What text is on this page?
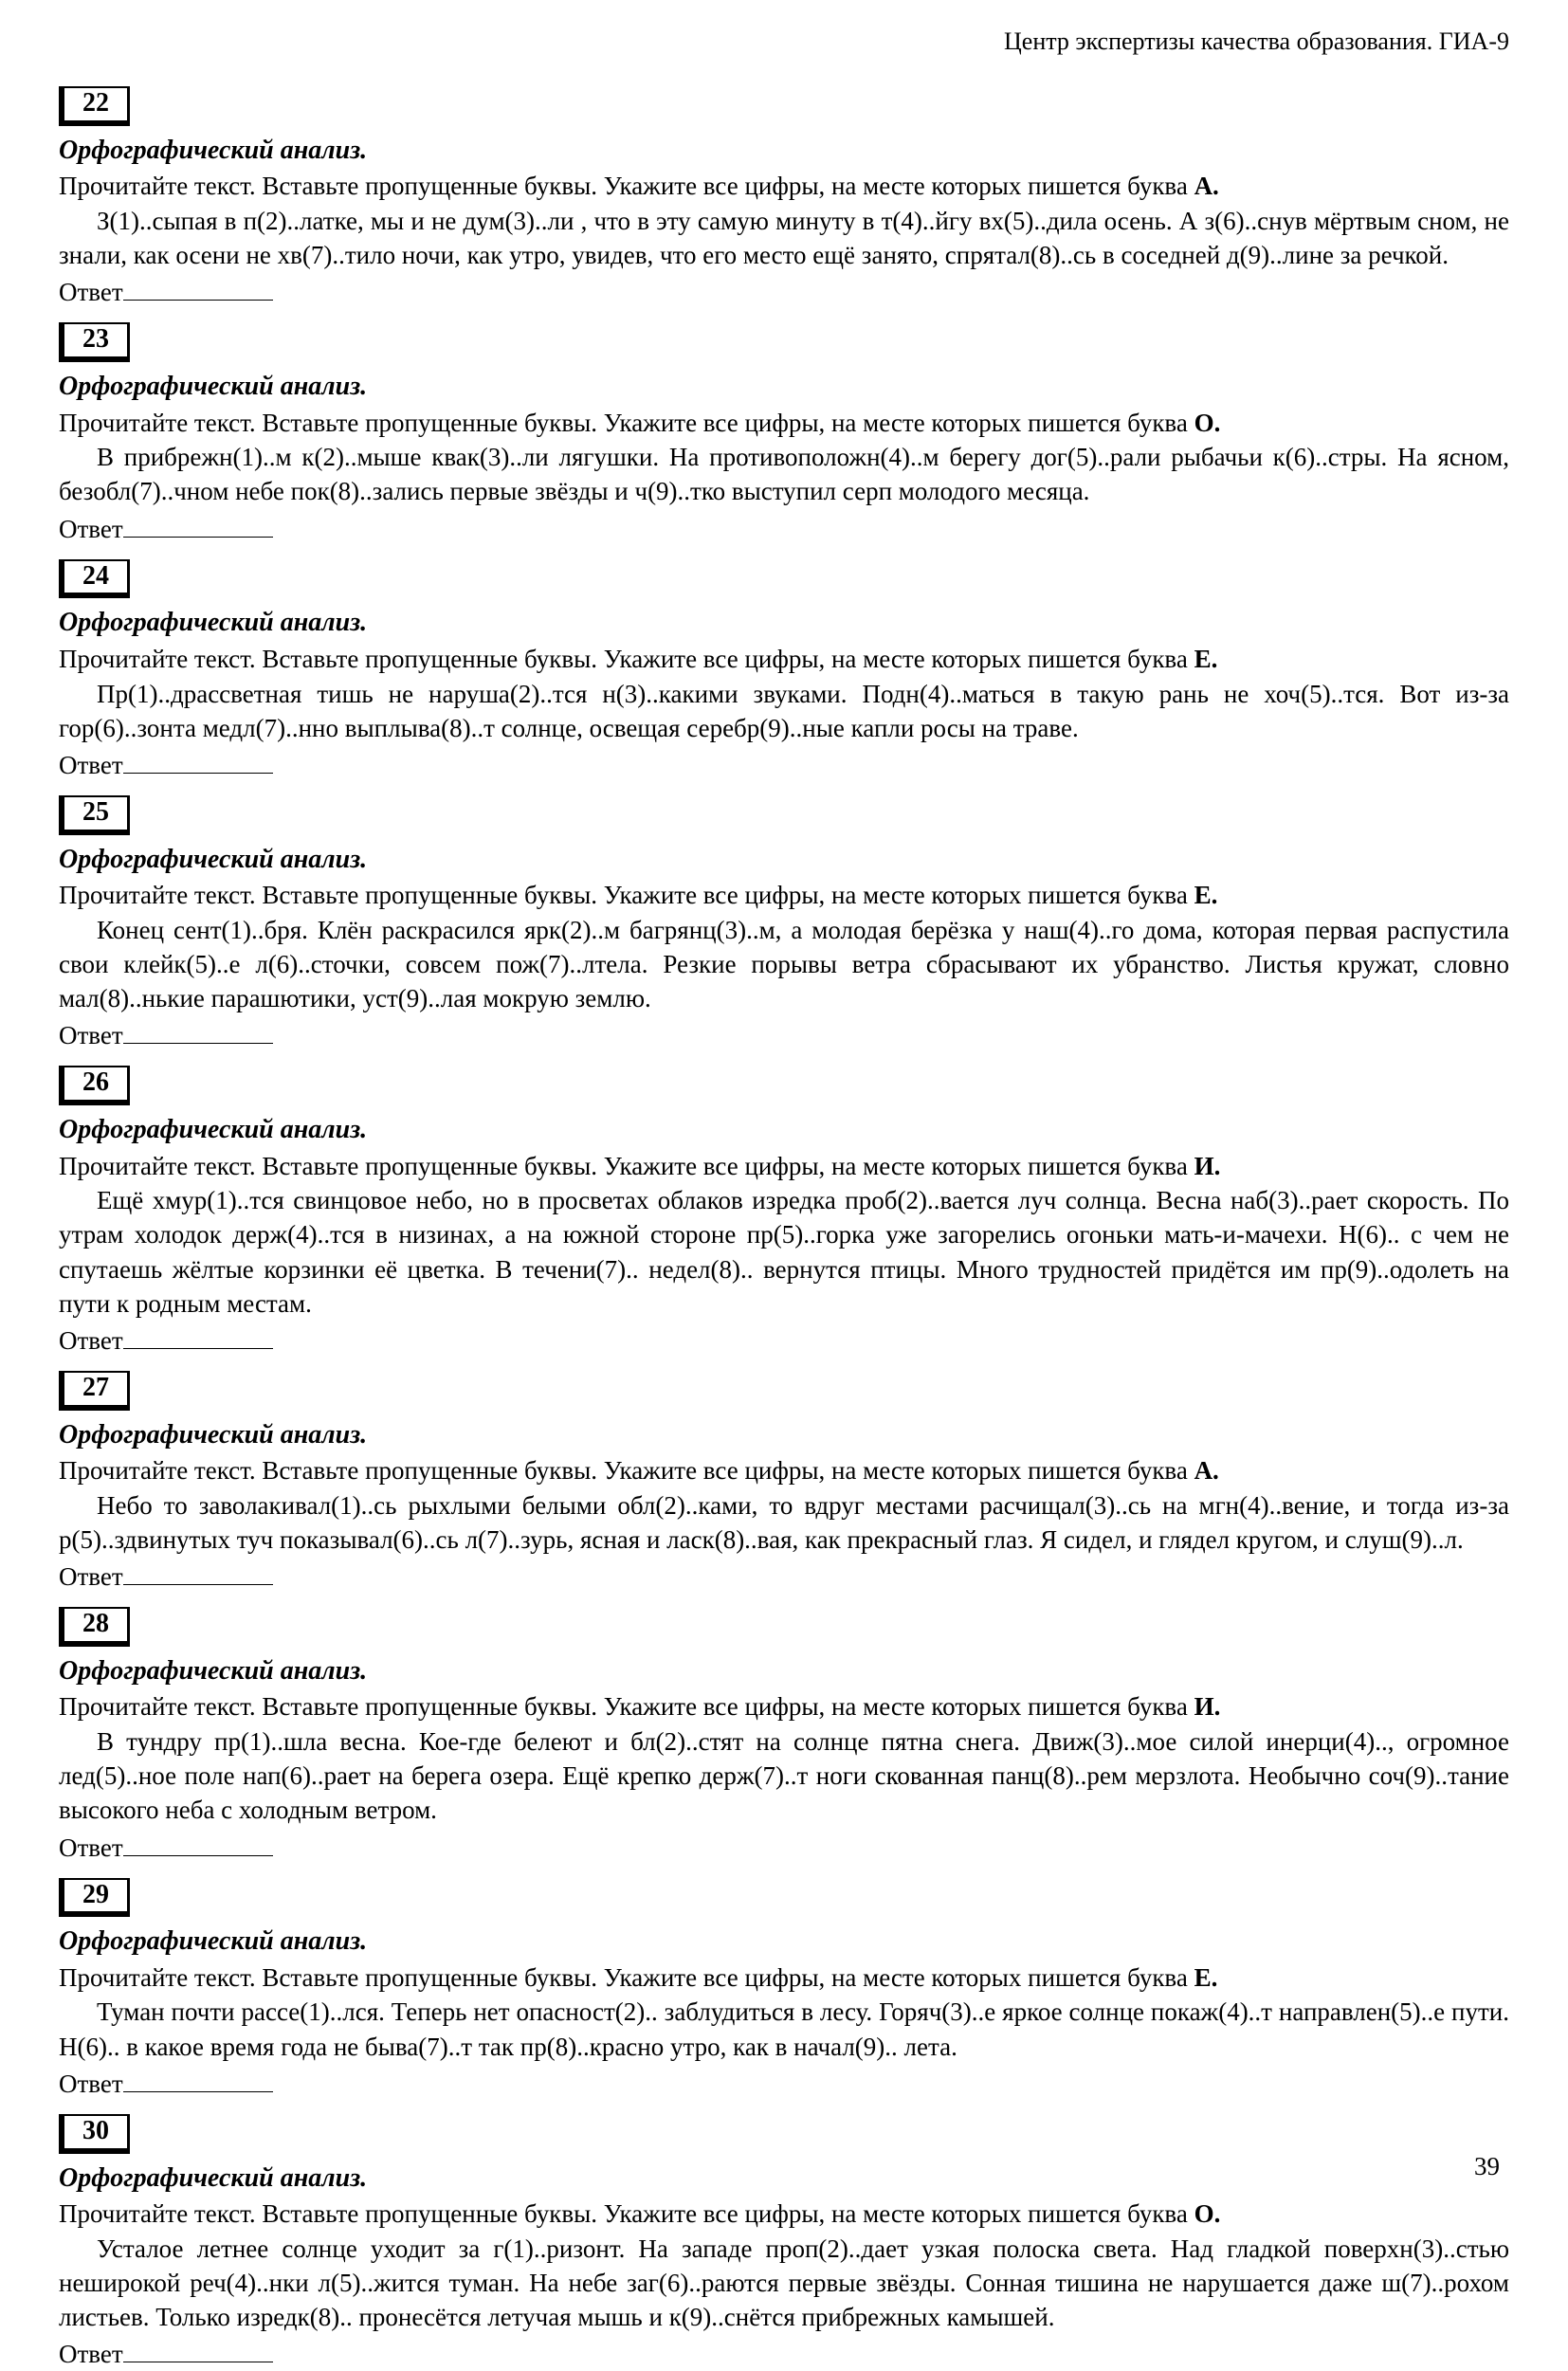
Центр экспертизы качества образования. ГИА-9
22

Орфографический анализ.

Прочитайте текст. Вставьте пропущенные буквы. Укажите все цифры, на месте которых пишется буква А.

З(1)..сыпая в п(2)..латке, мы и не дум(3)..ли , что в эту самую минуту в т(4)..йгу вх(5)..дила осень. А з(6)..снув мёртвым сном, не знали, как осени не хв(7)..тило ночи, как утро, увидев, что его место ещё занято, спрятал(8)..сь в соседней д(9)..лине за речкой.

Ответ

23

Орфографический анализ.

Прочитайте текст. Вставьте пропущенные буквы. Укажите все цифры, на месте которых пишется буква О.

В прибрежн(1)..м к(2)..мыше квак(3)..ли лягушки. На противоположн(4)..м берегу дог(5)..рали рыбачьи к(6)..стры. На ясном, безобл(7)..чном небе пок(8)..зались первые звёзды и ч(9)..тко выступил серп молодого месяца.

Ответ

24

Орфографический анализ.

Прочитайте текст. Вставьте пропущенные буквы. Укажите все цифры, на месте которых пишется буква Е.

Пр(1)..драссветная тишь не наруша(2)..тся н(3)..какими звуками. Подн(4)..маться в такую рань не хоч(5)..тся. Вот из-за гор(6)..зонта медл(7)..нно выплыва(8)..т солнце, освещая серебр(9)..ные капли росы на траве.

Ответ

25

Орфографический анализ.

Прочитайте текст. Вставьте пропущенные буквы. Укажите все цифры, на месте которых пишется буква Е.

Конец сент(1)..бря. Клён раскрасился ярк(2)..м багрянц(3)..м, а молодая берёзка у наш(4)..го дома, которая первая распустила свои клейк(5)..е л(6)..сточки, совсем пож(7)..лтела. Резкие порывы ветра сбрасывают их убранство. Листья кружат, словно мал(8)..нькие парашютики, уст(9)..лая мокрую землю.

Ответ

26

Орфографический анализ.

Прочитайте текст. Вставьте пропущенные буквы. Укажите все цифры, на месте которых пишется буква И.

Ещё хмур(1)..тся свинцовое небо, но в просветах облаков изредка проб(2)..вается луч солнца. Весна наб(3)..рает скорость. По утрам холодок держ(4)..тся в низинах, а на южной стороне пр(5)..горка уже загорелись огоньки мать-и-мачехи. Н(6).. с чем не спутаешь жёлтые корзинки её цветка. В течени(7).. недел(8).. вернутся птицы. Много трудностей придётся им пр(9)..одолеть на пути к родным местам.

Ответ

27

Орфографический анализ.

Прочитайте текст. Вставьте пропущенные буквы. Укажите все цифры, на месте которых пишется буква А.

Небо то заволакивал(1)..сь рыхлыми белыми обл(2)..ками, то вдруг местами расчищал(3)..сь на мгн(4)..вение, и тогда из-за р(5)..здвинутых туч показывал(6)..сь л(7)..зурь, ясная и ласк(8)..вая, как прекрасный глаз. Я сидел, и глядел кругом, и слуш(9)..л.

Ответ

28

Орфографический анализ.

Прочитайте текст. Вставьте пропущенные буквы. Укажите все цифры, на месте которых пишется буква И.

В тундру пр(1)..шла весна. Кое-где белеют и бл(2)..стят на солнце пятна снега. Движ(3)..мое силой инерци(4).., огромное лед(5)..ное поле нап(6)..рает на берега озера. Ещё крепко держ(7)..т ноги скованная панц(8)..рем мерзлота. Необычно соч(9)..тание высокого неба с холодным ветром.

Ответ

29

Орфографический анализ.

Прочитайте текст. Вставьте пропущенные буквы. Укажите все цифры, на месте которых пишется буква Е.

Туман почти рассе(1)..лся. Теперь нет опасност(2).. заблудиться в лесу. Горяч(3)..е яркое солнце покаж(4)..т направлен(5)..е пути. Н(6).. в какое время года не быва(7)..т так пр(8)..красно утро, как в начал(9).. лета.

Ответ

30

Орфографический анализ.

Прочитайте текст. Вставьте пропущенные буквы. Укажите все цифры, на месте которых пишется буква О.

Усталое летнее солнце уходит за г(1)..ризонт. На западе проп(2)..дает узкая полоска света. Над гладкой поверхн(3)..стью неширокой реч(4)..нки л(5)..жится туман. На небе заг(6)..раются первые звёзды. Сонная тишина не нарушается даже ш(7)..рохом листьев. Только изредк(8).. пронесётся летучая мышь и к(9)..снётся прибрежных камышей.

Ответ

39
